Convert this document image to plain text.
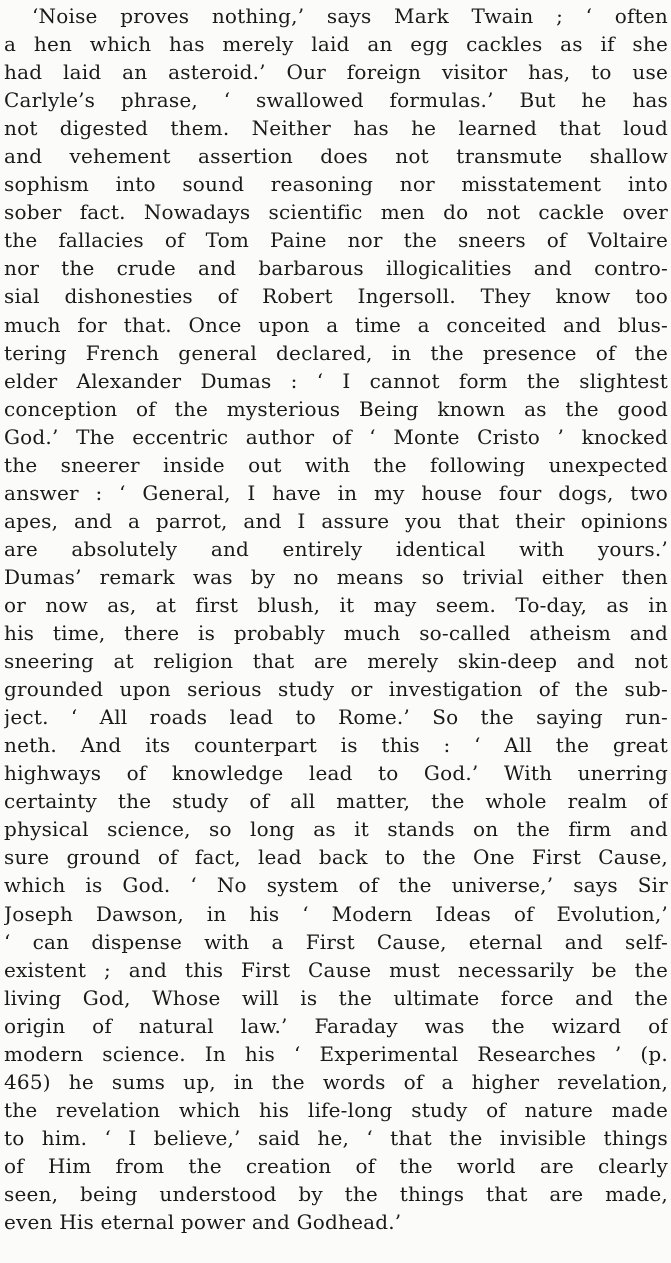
‘Noise proves nothing,’ says Mark Twain ; ‘ often
a hen which has merely laid an egg cackles as if she
had laid an asteroid.’ Our foreign visitor has, to use
Carlyle’s phrase, ‘ swallowed formulas.’ But he has
not digested them. Neither has he learned that loud
and vehement assertion does not transmute shallow
sophism into sound reasoning nor misstatement into
sober fact. Nowadays scientific men do not cackle over
the fallacies of Tom Paine nor the sneers of Voltaire
nor the crude and barbarous illogicalities and contro-
sial dishonesties of Robert Ingersoll. They know too
much for that. Once upon a time a conceited and blus-
tering French general declared, in the presence of the
elder Alexander Dumas : ‘ I cannot form the slightest
conception of the mysterious Being known as the good
God.’ The eccentric author of ‘ Monte Cristo ’ knocked
the sneerer inside out with the following unexpected
answer : ‘ General, I have in my house four dogs, two
apes, and a parrot, and I assure you that their opinions
are absolutely and entirely identical with yours.’
Dumas’ remark was by no means so trivial either then
or now as, at first blush, it may seem. To-day, as in
his time, there is probably much so-called atheism and
sneering at religion that are merely skin-deep and not
grounded upon serious study or investigation of the sub-
ject. ‘ All roads lead to Rome.’ So the saying run-
neth. And its counterpart is this : ‘ All the great
highways of knowledge lead to God.’ With unerring
certainty the study of all matter, the whole realm of
physical science, so long as it stands on the firm and
sure ground of fact, lead back to the One First Cause,
which is God. ‘ No system of the universe,’ says Sir
Joseph Dawson, in his ‘ Modern Ideas of Evolution,’
‘ can dispense with a First Cause, eternal and self-
existent ; and this First Cause must necessarily be the
living God, Whose will is the ultimate force and the
origin of natural law.’ Faraday was the wizard of
modern science. In his ‘ Experimental Researches ’ (p.
465) he sums up, in the words of a higher revelation,
the revelation which his life-long study of nature made
to him. ‘ I believe,’ said he, ‘ that the invisible things
of Him from the creation of the world are clearly
seen, being understood by the things that are made,
even His eternal power and Godhead.’
